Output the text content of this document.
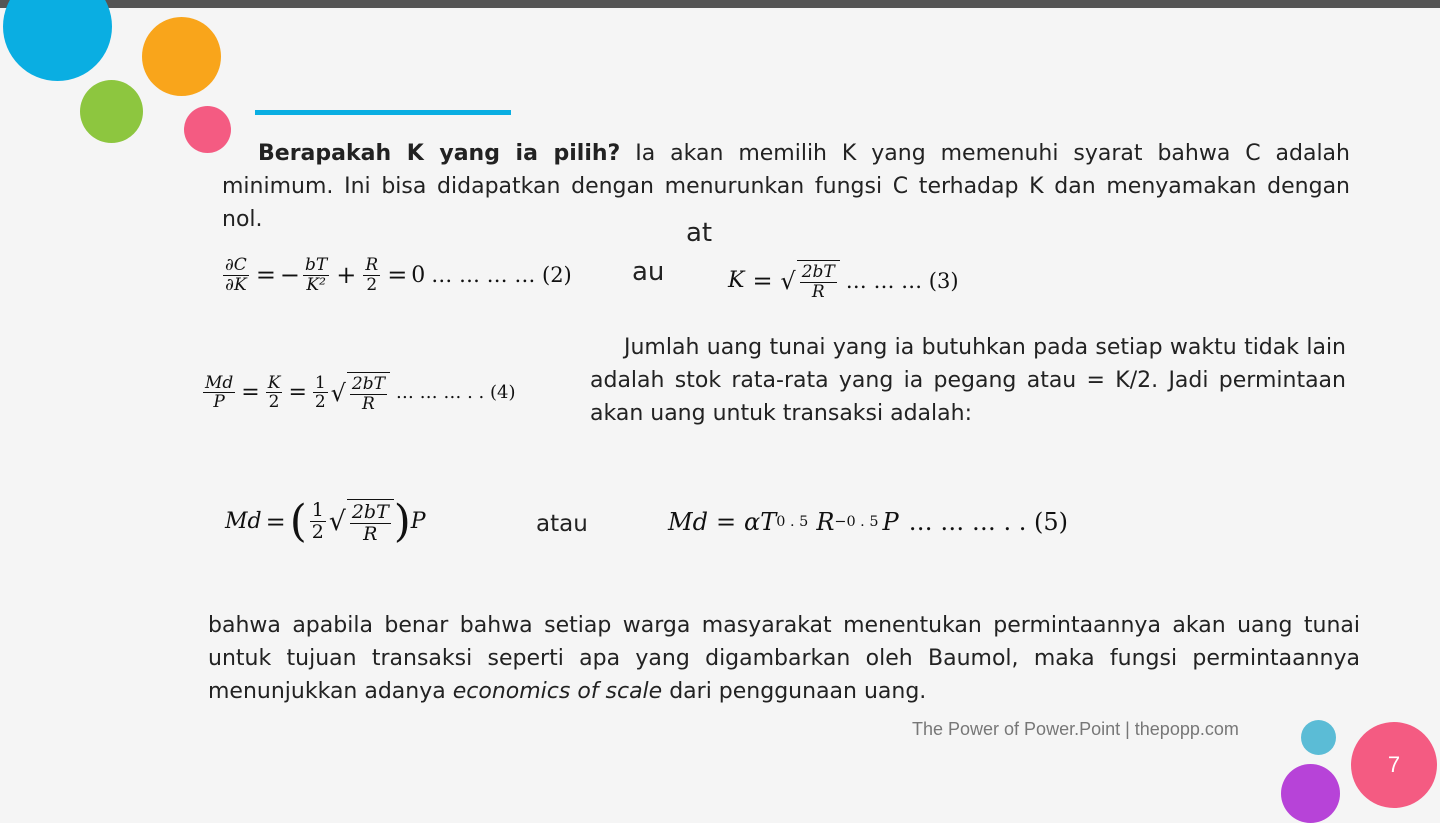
Berapakah K yang ia pilih? Ia akan memilih K yang memenuhi syarat bahwa C adalah minimum. Ini bisa didapatkan dengan menurunkan fungsi C terhadap K dan menyamakan dengan nol.	at
au
$\frac{\partial C}{\partial K}$ = − $\frac{bT}{\text{K²}} + \frac{R}{2} = 0$ … … … … (2)	K = √ $\frac{2bT}{R}$ … … … (3)

Jumlah uang tunai yang ia butuhkan pada setiap waktu tidak lain adalah stok rata-rata yang ia pegang atau = K/2. Jadi permintaan akan uang untuk transaksi adalah:

$\frac{Md}{P} = \frac{K}{2} = \frac{1}{2}$ √ $\frac{2bT}{R}$ … … … . . (4)
atau
Md = ( $\frac{1}{2}$ √ $\frac{2bT}{R}$ ) P	Md = αT 0 . 5 R −0 . 5 P … … … . . (5)

bahwa apabila benar bahwa setiap warga masyarakat menentukan permintaannya akan uang tunai untuk tujuan transaksi seperti apa yang digambarkan oleh Baumol, maka fungsi permintaannya menunjukkan adanya economics of scale dari penggunaan uang.

The Power of Power.Point | thepopp.com
7
